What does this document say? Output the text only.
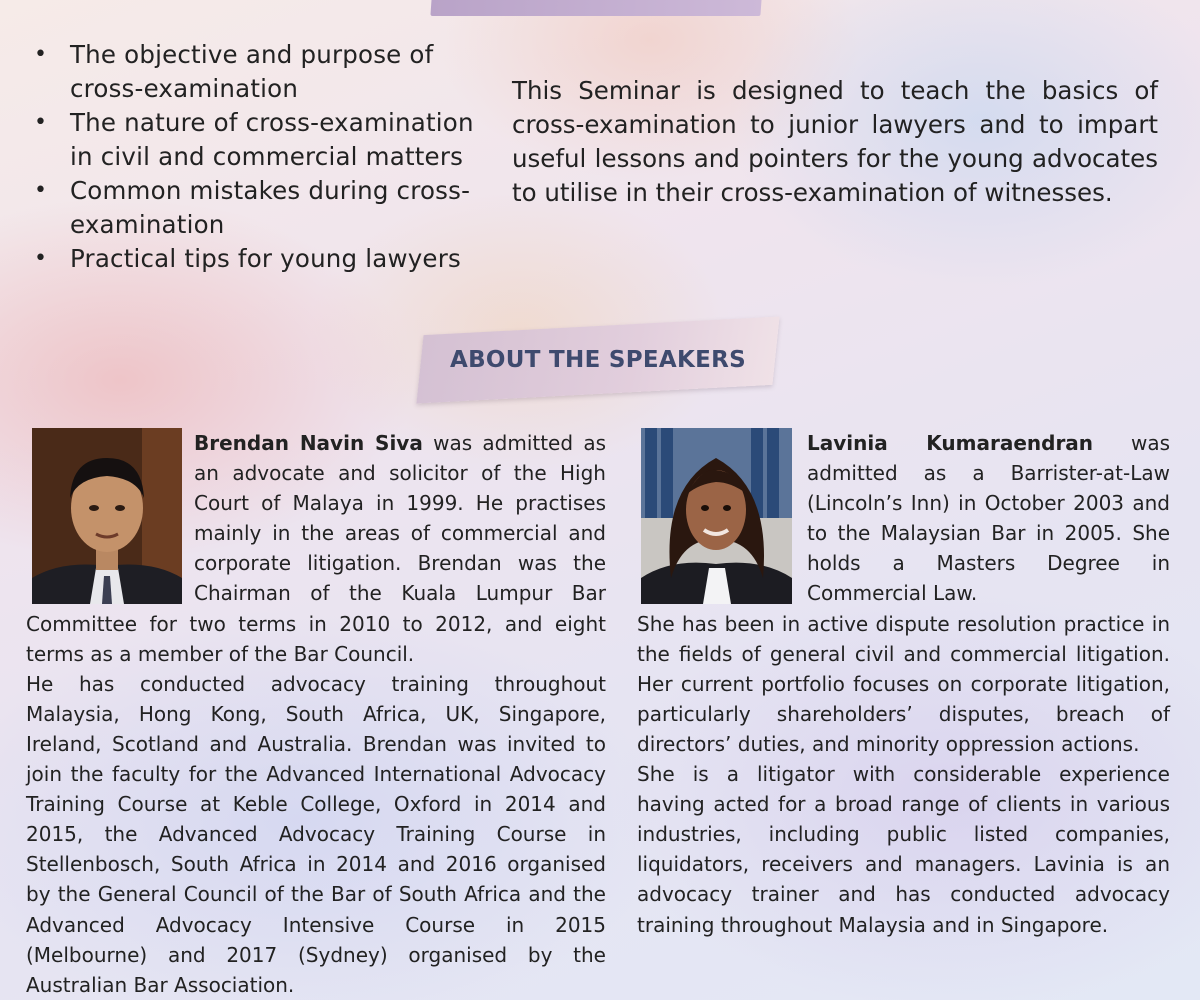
• The objective and purpose of cross-examination
• The nature of cross-examination in civil and commercial matters
• Common mistakes during cross-examination
• Practical tips for young lawyers

This Seminar is designed to teach the basics of cross-examination to junior lawyers and to impart useful lessons and pointers for the young advocates to utilise in their cross-examination of witnesses.

ABOUT THE SPEAKERS

Brendan Navin Siva was admitted as an advocate and solicitor of the High Court of Malaya in 1999. He practises mainly in the areas of commercial and corporate litigation. Brendan was the Chairman of the Kuala Lumpur Bar Committee for two terms in 2010 to 2012, and eight terms as a member of the Bar Council.

He has conducted advocacy training throughout Malaysia, Hong Kong, South Africa, UK, Singapore, Ireland, Scotland and Australia. Brendan was invited to join the faculty for the Advanced International Advocacy Training Course at Keble College, Oxford in 2014 and 2015, the Advanced Advocacy Training Course in Stellenbosch, South Africa in 2014 and 2016 organised by the General Council of the Bar of South Africa and the Advanced Advocacy Intensive Course in 2015 (Melbourne) and 2017 (Sydney) organised by the Australian Bar Association.

Lavinia Kumaraendran was admitted as a Barrister-at-Law (Lincoln’s Inn) in October 2003 and to the Malaysian Bar in 2005. She holds a Masters Degree in Commercial Law.

She has been in active dispute resolution practice in the fields of general civil and commercial litigation. Her current portfolio focuses on corporate litigation, particularly shareholders’ disputes, breach of directors’ duties, and minority oppression actions.

She is a litigator with considerable experience having acted for a broad range of clients in various industries, including public listed companies, liquidators, receivers and managers. Lavinia is an advocacy trainer and has conducted advocacy training throughout Malaysia and in Singapore.
